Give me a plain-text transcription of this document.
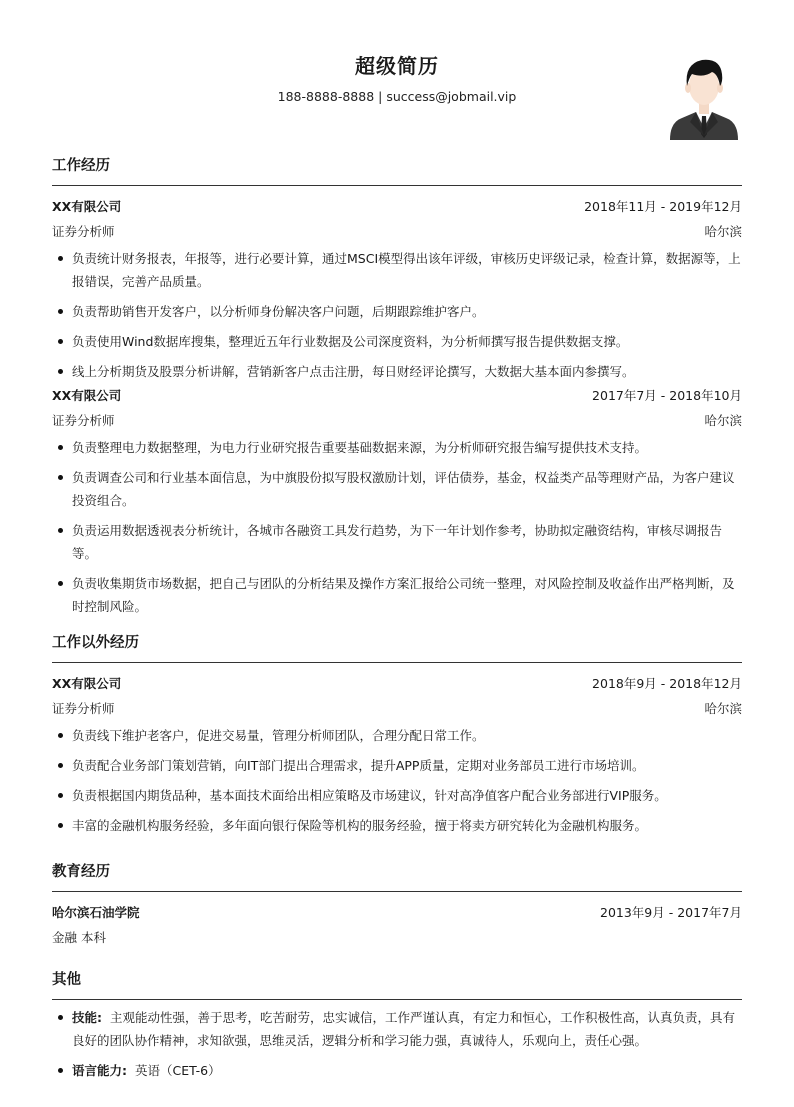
超级简历
188-8888-8888 | success@jobmail.vip
工作经历
XX有限公司	2018年11月 - 2019年12月
证券分析师	哈尔滨
负责统计财务报表，年报等，进行必要计算，通过MSCI模型得出该年评级，审核历史评级记录，检查计算，数据源等，上报错误，完善产品质量。
负责帮助销售开发客户，以分析师身份解决客户问题，后期跟踪维护客户。
负责使用Wind数据库搜集，整理近五年行业数据及公司深度资料，为分析师撰写报告提供数据支撑。
线上分析期货及股票分析讲解，营销新客户点击注册，每日财经评论撰写，大数据大基本面内参撰写。
XX有限公司	2017年7月 - 2018年10月
证券分析师	哈尔滨
负责整理电力数据整理，为电力行业研究报告重要基础数据来源，为分析师研究报告编写提供技术支持。
负责调查公司和行业基本面信息，为中旗股份拟写股权激励计划，评估债券，基金，权益类产品等理财产品，为客户建议投资组合。
负责运用数据透视表分析统计，各城市各融资工具发行趋势，为下一年计划作参考，协助拟定融资结构，审核尽调报告等。
负责收集期货市场数据，把自己与团队的分析结果及操作方案汇报给公司统一整理，对风险控制及收益作出严格判断，及时控制风险。
工作以外经历
XX有限公司	2018年9月 - 2018年12月
证券分析师	哈尔滨
负责线下维护老客户，促进交易量，管理分析师团队，合理分配日常工作。
负责配合业务部门策划营销，向IT部门提出合理需求，提升APP质量，定期对业务部员工进行市场培训。
负责根据国内期货品种，基本面技术面给出相应策略及市场建议，针对高净值客户配合业务部进行VIP服务。
丰富的金融机构服务经验，多年面向银行保险等机构的服务经验，擅于将卖方研究转化为金融机构服务。
教育经历
哈尔滨石油学院	2013年9月 - 2017年7月
金融 本科
其他
技能: 主观能动性强，善于思考，吃苦耐劳，忠实诚信，工作严谨认真，有定力和恒心，工作积极性高，认真负责，具有良好的团队协作精神，求知欲强，思维灵活，逻辑分析和学习能力强，真诚待人，乐观向上，责任心强。
语言能力: 英语（CET-6）
